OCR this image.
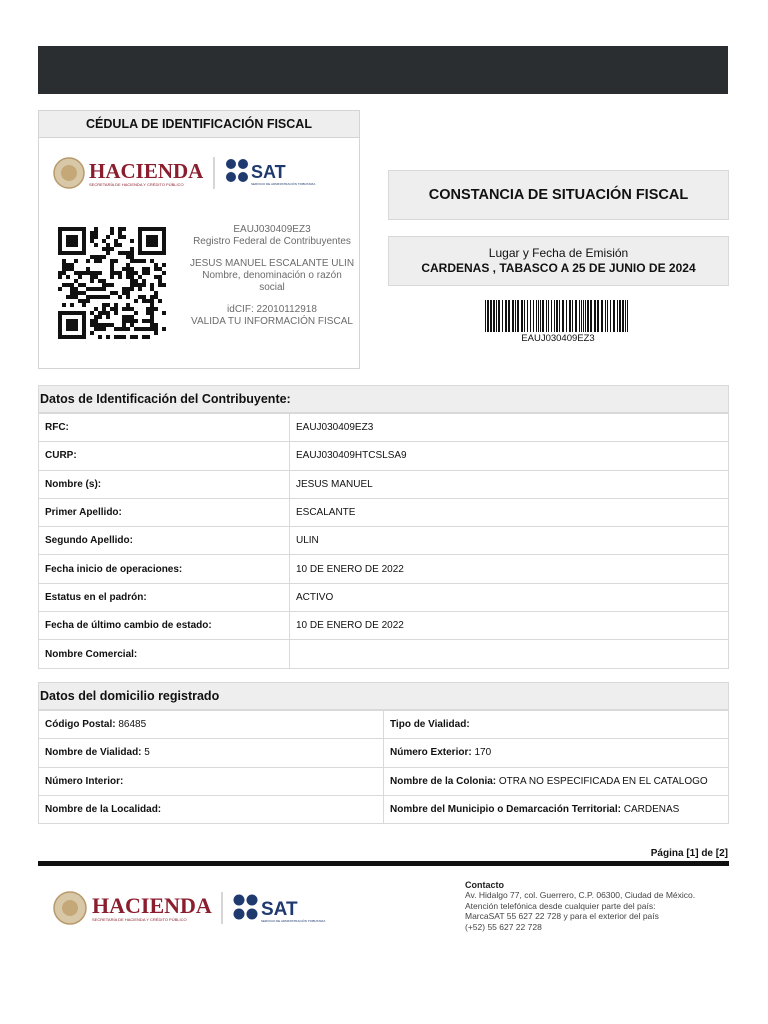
CÉDULA DE IDENTIFICACIÓN FISCAL
HACIENDA
SECRETARÍA DE HACIENDA Y CRÉDITO PÚBLICO
SAT
SERVICIO DE ADMINISTRACIÓN TRIBUTARIA
EAUJ030409EZ3
Registro Federal de Contribuyentes
JESUS MANUEL ESCALANTE ULIN
Nombre, denominación o razón social
idCIF: 22010112918
VALIDA TU INFORMACIÓN FISCAL
CONSTANCIA DE SITUACIÓN FISCAL
Lugar y Fecha de Emisión
CARDENAS , TABASCO A 25 DE JUNIO DE 2024
EAUJ030409EZ3
Datos de Identificación del Contribuyente:
RFC:	EAUJ030409EZ3
CURP:	EAUJ030409HTCSLSA9
Nombre (s):	JESUS MANUEL
Primer Apellido:	ESCALANTE
Segundo Apellido:	ULIN
Fecha inicio de operaciones:	10 DE ENERO DE 2022
Estatus en el padrón:	ACTIVO
Fecha de último cambio de estado:	10 DE ENERO DE 2022
Nombre Comercial:	
Datos del domicilio registrado
Código Postal: 86485	Tipo de Vialidad:
Nombre de Vialidad: 5	Número Exterior: 170
Número Interior:	Nombre de la Colonia: OTRA NO ESPECIFICADA EN EL CATALOGO
Nombre de la Localidad:	Nombre del Municipio o Demarcación Territorial: CARDENAS
Página [1] de [2]
HACIENDA
SECRETARÍA DE HACIENDA Y CRÉDITO PÚBLICO	SAT
SERVICIO DE ADMINISTRACIÓN TRIBUTARIA
Contacto
Av. Hidalgo 77, col. Guerrero, C.P. 06300, Ciudad de México.
Atención telefónica desde cualquier parte del país:
MarcaSAT 55 627 22 728 y para el exterior del país
(+52) 55 627 22 728
